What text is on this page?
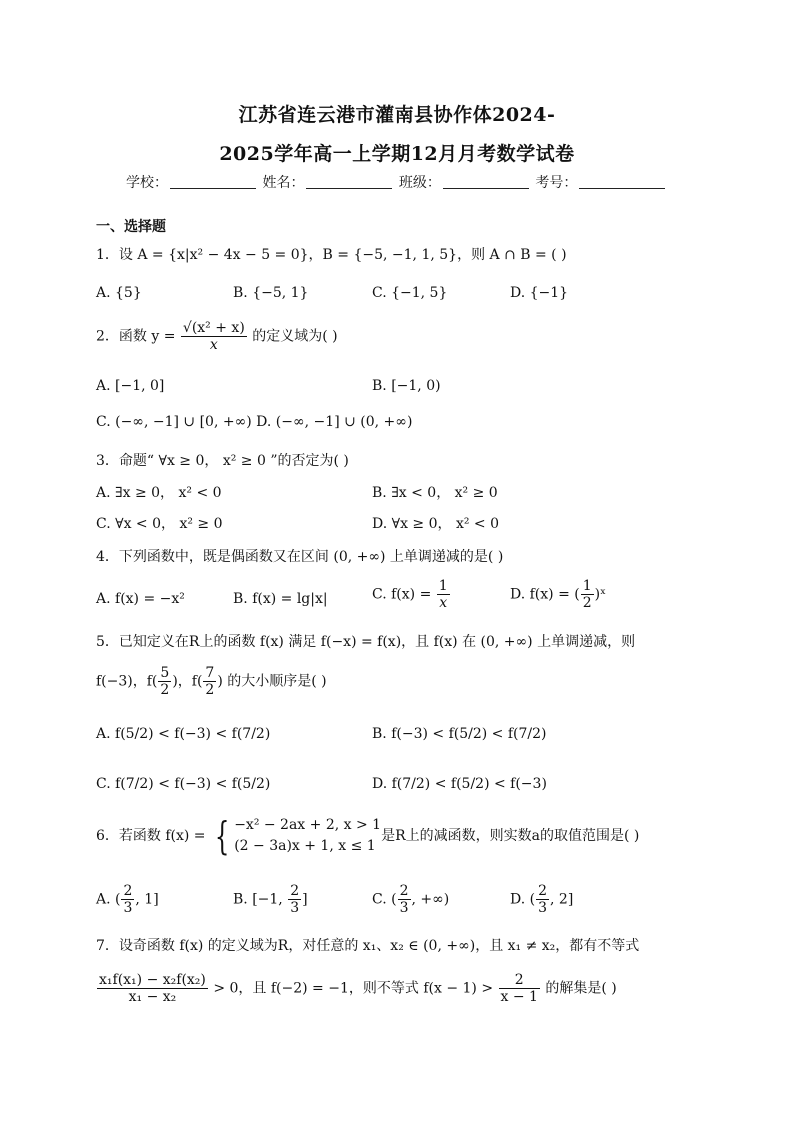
江苏省连云港市灌南县协作体2024-
2025学年高一上学期12月月考数学试卷
学校：	姓名：	班级：	考号：
一、选择题
1．设 A = {x|x² − 4x − 5 = 0}，B = {−5, −1, 1, 5}，则 A ∩ B = ( )
A. {5}	B. {−5, 1}	C. {−1, 5}	D. {−1}
2．函数 $y = \frac{\text{√(x² + x)}}{x}$ 的定义域为( )
A. [−1, 0]	B. [−1, 0)
C. (−∞, −1] ∪ [0, +∞) D. (−∞, −1] ∪ (0, +∞)
3．命题“ ∀x ≥ 0， x² ≥ 0 ”的否定为( )
A. ∃x ≥ 0， x² < 0	B. ∃x < 0， x² ≥ 0
C. ∀x < 0， x² ≥ 0	D. ∀x ≥ 0， x² < 0
4．下列函数中，既是偶函数又在区间 (0, +∞) 上单调递减的是( )
A. f(x) = −x²	B. f(x) = lg|x|	C. $f(x) = \frac{1}{x}$	D. f(x) = ( $\frac{1}{2}$ )ˣ
5．已知定义在R上的函数 f(x) 满足 f(−x) = f(x)，且 f(x) 在 (0, +∞) 上单调递减，则
f(−3)，$f( \frac{5}{2}$ )，$f( \frac{7}{2}$ ) 的大小顺序是( )
A. f(5/2) < f(−3) < f(7/2)	B. f(−3) < f(5/2) < f(7/2)
C. f(7/2) < f(−3) < f(5/2)	D. f(7/2) < f(5/2) < f(−3)
6．若函数 f(x) = { −x² − 2ax + 2, x > 1
(2 − 3a)x + 1, x ≤ 1
是R上的减函数，则实数a的取值范围是( )
A. ( $\frac{2}{3}$ , 1]	B. [−1, $\frac{2}{3}$ ]	C. ( $\frac{2}{3}$ , +∞)	D. ( $\frac{2}{3}$ , 2]
7．设奇函数 f(x) 的定义域为R，对任意的 x₁、x₂ ∈ (0, +∞)，且 x₁ ≠ x₂，都有不等式
$\frac{\text{x₁f(x₁) − x₂f(x₂)}}{\text{x₁ − x₂}} > 0$，且 f(−2) = −1，则不等式 $f(x - 1) > \frac{2}{x - 1}$ 的解集是( )
